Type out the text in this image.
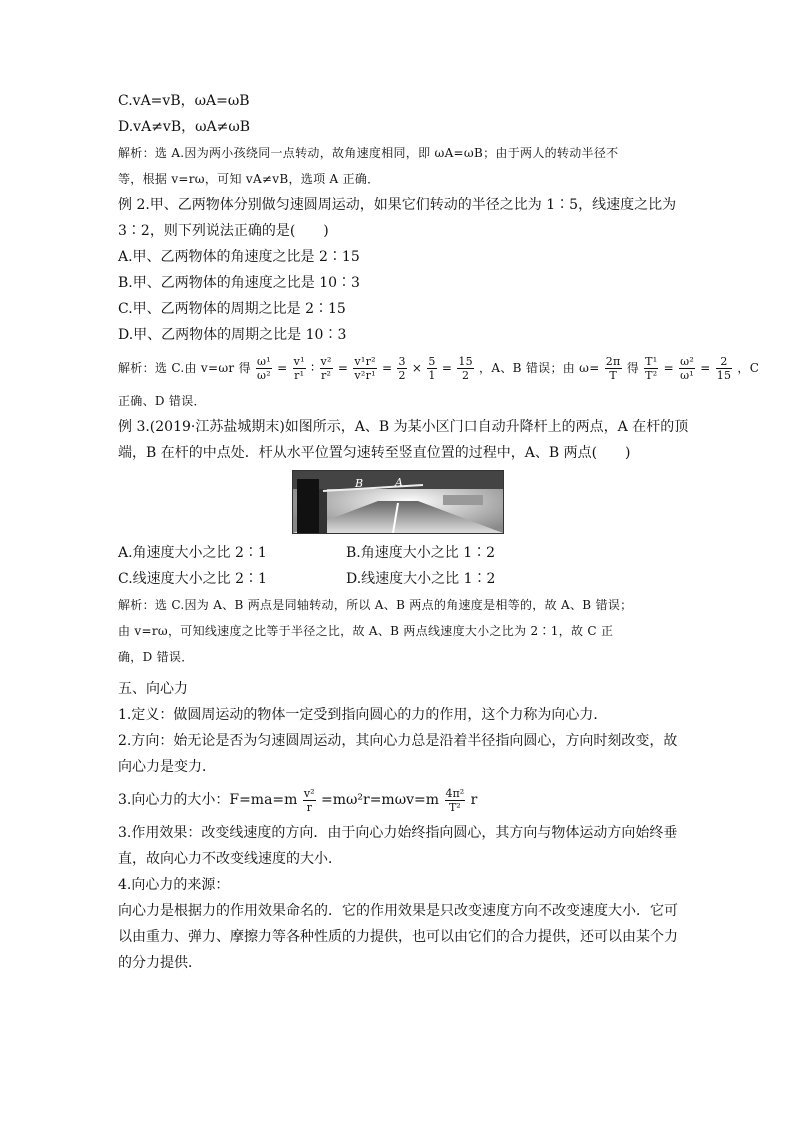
C.vA=vB，ωA=ωB
D.vA≠vB，ωA≠ωB
解析：选 A.因为两小孩绕同一点转动，故角速度相同，即 ωA=ωB；由于两人的转动半径不
等，根据 v=rω，可知 vA≠vB，选项 A 正确．
例 2.甲、乙两物体分别做匀速圆周运动，如果它们转动的半径之比为 1∶5，线速度之比为
3∶2，则下列说法正确的是(　　)
A.甲、乙两物体的角速度之比是 2∶15
B.甲、乙两物体的角速度之比是 10∶3
C.甲、乙两物体的周期之比是 2∶15
D.甲、乙两物体的周期之比是 10∶3
解析：选 C.由 v=ωr 得 $\frac{\text{ω¹}}{\text{ω²}} = \frac{\text{v¹}}{\text{r¹}}$ ∶ $\frac{\text{v²}}{\text{r²}} = \frac{\text{v¹r²}}{\text{v²r¹}} = \frac{3}{2} \times \frac{5}{1} = \frac{15}{2}$ ，A、B 错误；由 $\omega= \frac{2\pi}{T}$ 得 $\frac{\text{T¹}}{\text{T²}} = \frac{\text{ω²}}{\text{ω¹}} = \frac{2}{15}$ ，C
正确、D 错误．
例 3.(2019·江苏盐城期末)如图所示，A、B 为某小区门口自动升降杆上的两点，A 在杆的顶
端，B 在杆的中点处．杆从水平位置匀速转至竖直位置的过程中，A、B 两点(　　)
B	A
A.角速度大小之比 2∶1	B.角速度大小之比 1∶2
C.线速度大小之比 2∶1	D.线速度大小之比 1∶2
解析：选 C.因为 A、B 两点是同轴转动，所以 A、B 两点的角速度是相等的，故 A、B 错误；
由 v=rω，可知线速度之比等于半径之比，故 A、B 两点线速度大小之比为 2∶1，故 C 正
确，D 错误．
五、向心力
1.定义：做圆周运动的物体一定受到指向圆心的力的作用，这个力称为向心力．
2.方向：始无论是否为匀速圆周运动，其向心力总是沿着半径指向圆心，方向时刻改变，故
向心力是变力．
3.向心力的大小：$F=ma=m \frac{\text{v²}}{r} =m\omega^2r=m\omega v=m \frac{\text{4π²}}{\text{T²}}$ r
3.作用效果：改变线速度的方向．由于向心力始终指向圆心，其方向与物体运动方向始终垂
直，故向心力不改变线速度的大小．
4.向心力的来源：
向心力是根据力的作用效果命名的．它的作用效果是只改变速度方向不改变速度大小．它可
以由重力、弹力、摩擦力等各种性质的力提供，也可以由它们的合力提供，还可以由某个力
的分力提供．
